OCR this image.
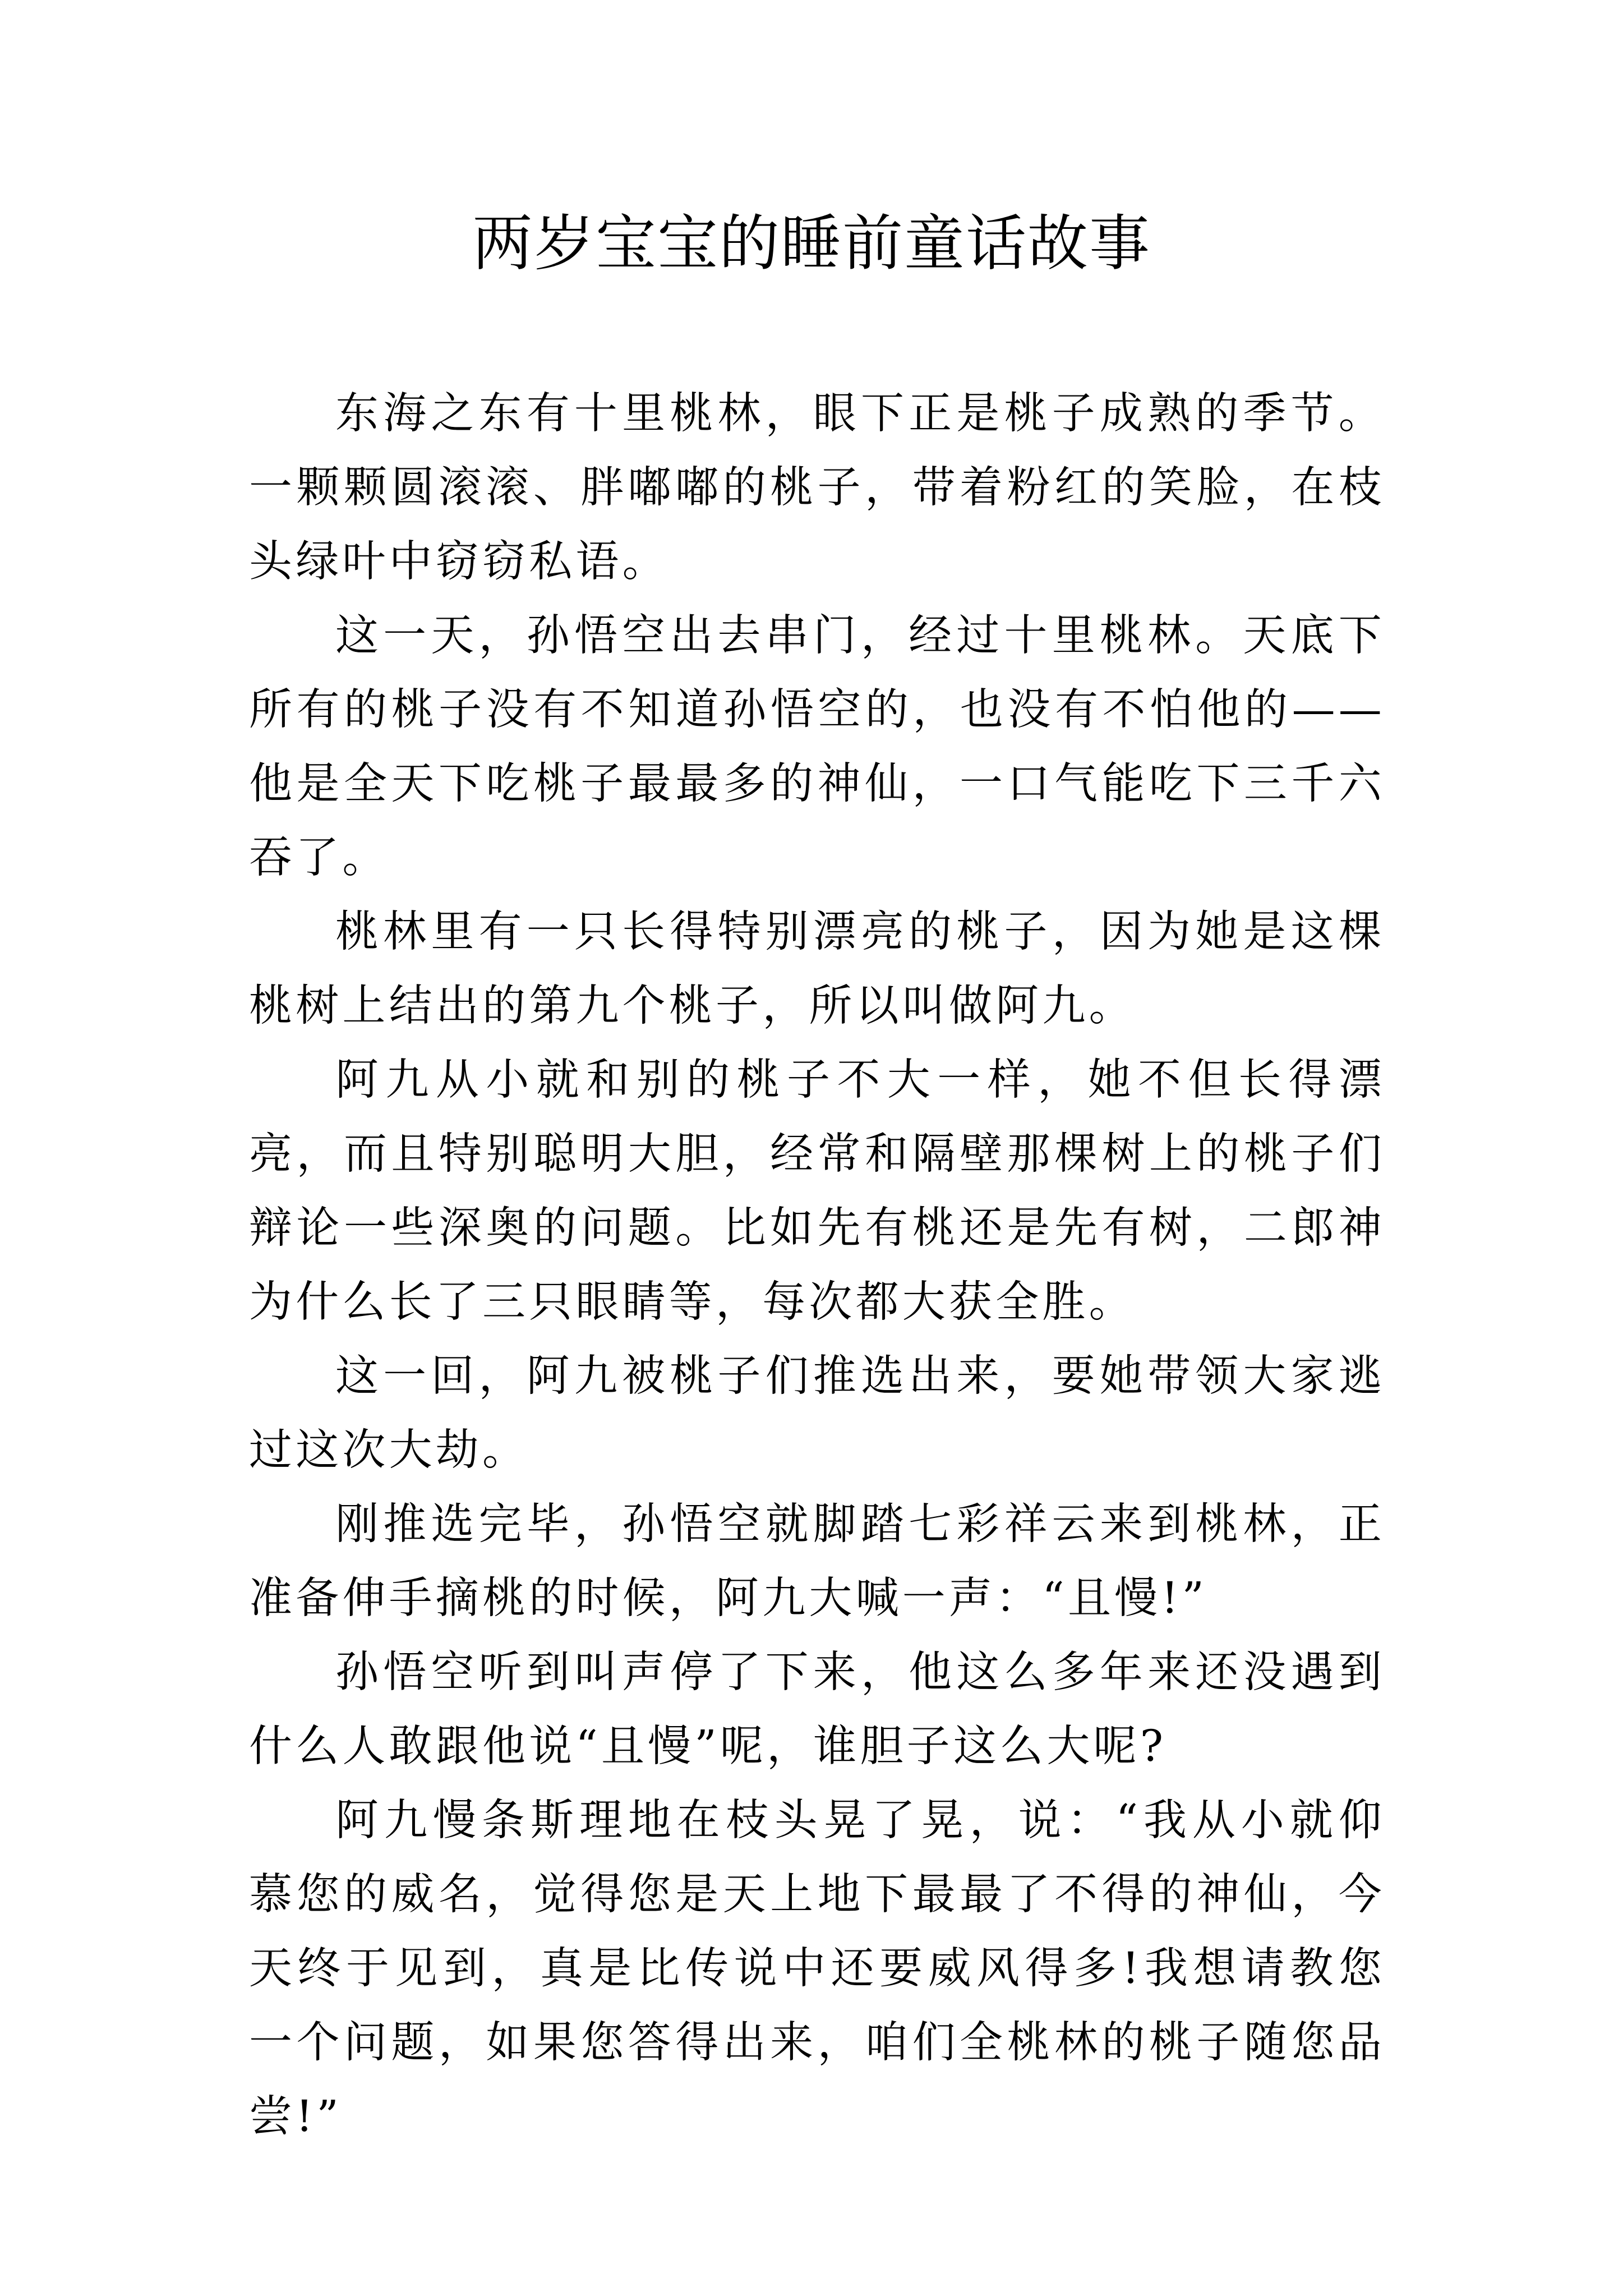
两岁宝宝的睡前童话故事

东海之东有十里桃林，眼下正是桃子成熟的季节。一颗颗圆滚滚、胖嘟嘟的桃子，带着粉红的笑脸，在枝头绿叶中窃窃私语。

这一天，孙悟空出去串门，经过十里桃林。天底下所有的桃子没有不知道孙悟空的，也没有不怕他的——他是全天下吃桃子最最多的神仙，一口气能吃下三千六吞了。

桃林里有一只长得特别漂亮的桃子，因为她是这棵桃树上结出的第九个桃子，所以叫做阿九。

阿九从小就和别的桃子不大一样，她不但长得漂亮，而且特别聪明大胆，经常和隔壁那棵树上的桃子们辩论一些深奥的问题。比如先有桃还是先有树，二郎神为什么长了三只眼睛等，每次都大获全胜。

这一回，阿九被桃子们推选出来，要她带领大家逃过这次大劫。

刚推选完毕，孙悟空就脚踏七彩祥云来到桃林，正准备伸手摘桃的时候，阿九大喊一声：“且慢!”

孙悟空听到叫声停了下来，他这么多年来还没遇到什么人敢跟他说“且慢”呢，谁胆子这么大呢?

阿九慢条斯理地在枝头晃了晃，说：“我从小就仰慕您的威名，觉得您是天上地下最最了不得的神仙，今天终于见到，真是比传说中还要威风得多!我想请教您一个问题，如果您答得出来，咱们全桃林的桃子随您品尝!”
